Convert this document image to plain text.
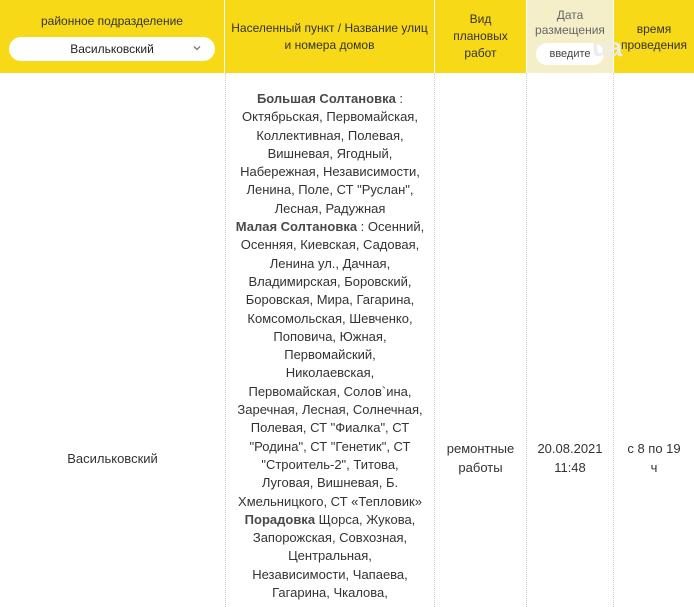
районное подразделение
Васильковский
Населенный пункт / Название улиц
и номера домов
Вид
плановых
работ
Дата
размещения
введите
время
проведения
Васильковский
Большая Солтановка :
Октябрьская, Первомайская,
Коллективная, Полевая,
Вишневая, Ягодный,
Набережная, Независимости,
Ленина, Поле, СТ "Руслан",
Лесная, Радужная
Малая Солтановка : Осенний,
Осенняя, Киевская, Садовая,
Ленина ул., Дачная,
Владимирская, Боровский,
Боровская, Мира, Гагарина,
Комсомольская, Шевченко,
Поповича, Южная,
Первомайский,
Николаевская,
Первомайская, Солов`ина,
Заречная, Лесная, Солнечная,
Полевая, СТ "Фиалка", СТ
"Родина", СТ "Генетик", СТ
"Строитель-2", Титова,
Луговая, Вишневая, Б.
Хмельницкого, СТ «Тепловик»
Порадовка Щорса, Жукова,
Запорожская, Совхозная,
Центральная,
Независимости, Чапаева,
Гагарина, Чкалова,
ремонтные
работы
20.08.2021
11:48
с 8 по 19
ч
ua
